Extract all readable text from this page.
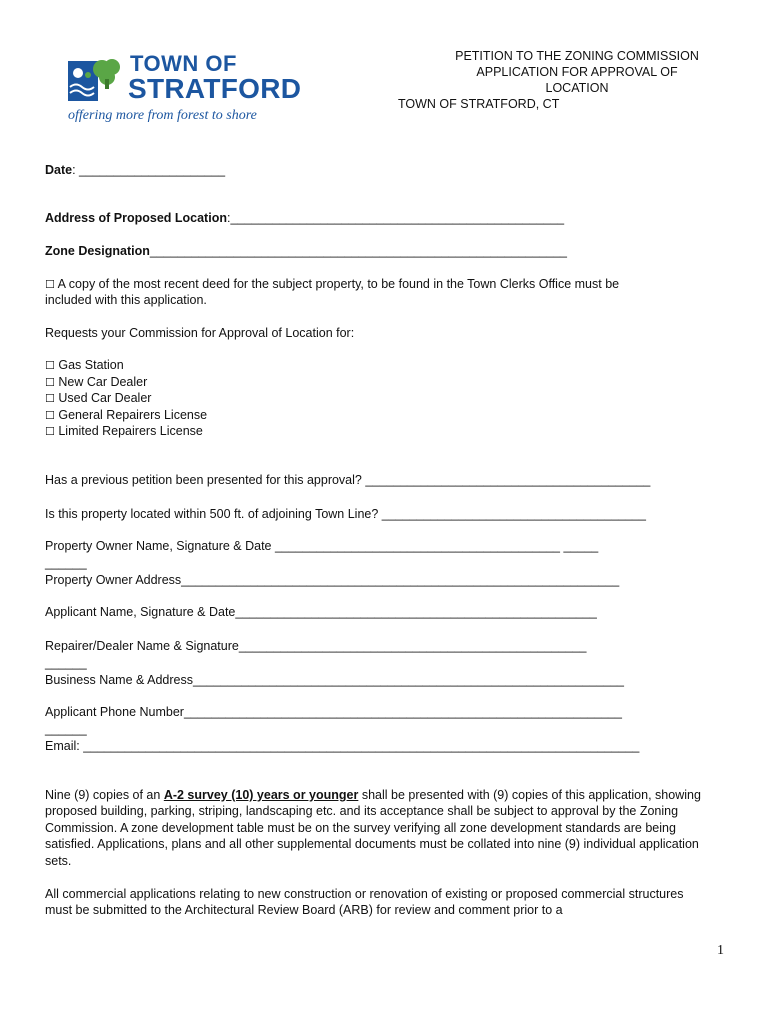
TOWN OF
STRATFORD
offering more from forest to shore
PETITION TO THE ZONING COMMISSION
APPLICATION FOR APPROVAL OF
LOCATION
TOWN OF STRATFORD, CT
Date: _____________________
Address of Proposed Location:________________________________________________
Zone Designation____________________________________________________________
☐ A copy of the most recent deed for the subject property, to be found in the Town Clerks Office must be
included with this application.
Requests your Commission for Approval of Location for:
☐ Gas Station
☐ New Car Dealer
☐ Used Car Dealer
☐ General Repairers License
☐ Limited Repairers License
Has a previous petition been presented for this approval? _________________________________________
Is this property located within 500 ft. of adjoining Town Line? ______________________________________
Property Owner Name, Signature & Date _________________________________________ _____
______
Property Owner Address_______________________________________________________________
Applicant Name, Signature & Date____________________________________________________
Repairer/Dealer Name & Signature__________________________________________________
______
Business Name & Address______________________________________________________________
Applicant Phone Number_______________________________________________________________
______
Email: ________________________________________________________________________________
Nine (9) copies of an A-2 survey (10) years or younger shall be presented with (9) copies of this application, showing proposed building, parking, striping, landscaping etc. and its acceptance shall be subject to approval by the Zoning Commission. A zone development table must be on the survey verifying all zone development standards are being satisfied. Applications, plans and all other supplemental documents must be collated into nine (9) individual application sets.
All commercial applications relating to new construction or renovation of existing or proposed commercial structures must be submitted to the Architectural Review Board (ARB) for review and comment prior to a
1
